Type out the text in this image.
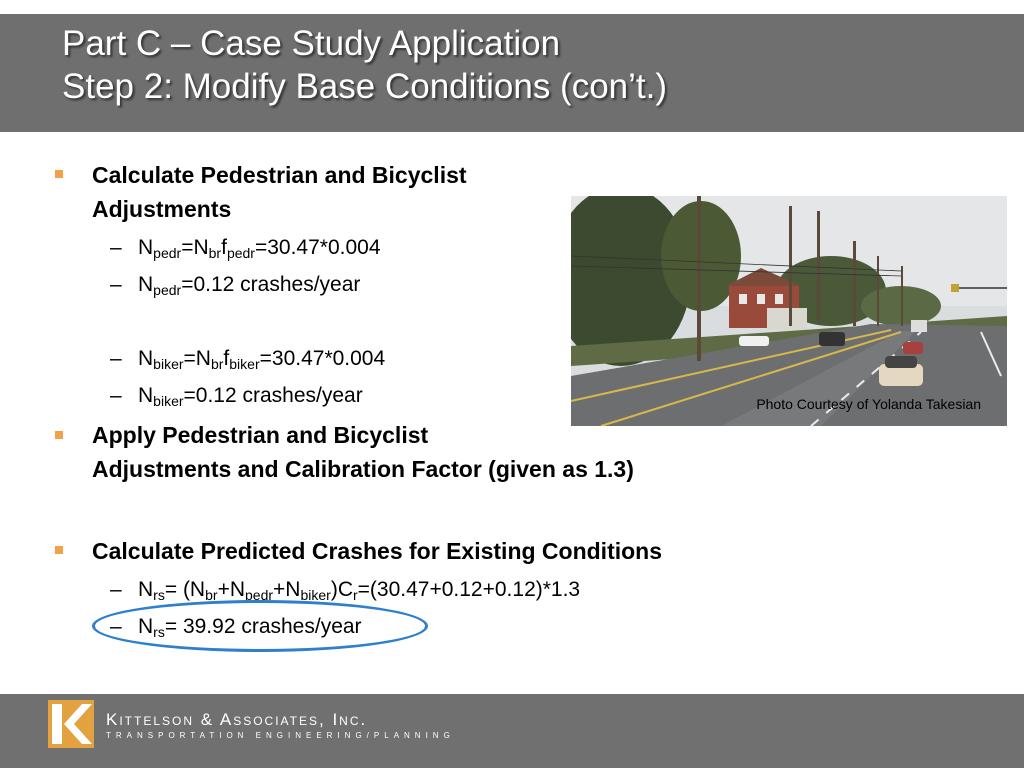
Part C – Case Study Application
Step 2: Modify Base Conditions (con’t.)
Calculate Pedestrian and Bicyclist
Adjustments
– $N_{pedr}=N_{br}f_{pedr}=30.47*0.004$
– $N_{pedr}=0.12$ crashes/year
– $N_{biker}=N_{br}f_{biker}=30.47*0.004$
– $N_{biker}=0.12$ crashes/year
Apply Pedestrian and Bicyclist
Adjustments and Calibration Factor (given as 1.3)
Calculate Predicted Crashes for Existing Conditions
– $N_{rs}= (N_{br}+N_{pedr}+N_{biker})C_r=(30.47+0.12+0.12)*1.3$
– $N_{rs}= 39.92$ crashes/year
Photo Courtesy of Yolanda Takesian
Kittelson & Associates, Inc.
TRANSPORTATION ENGINEERING/PLANNING
